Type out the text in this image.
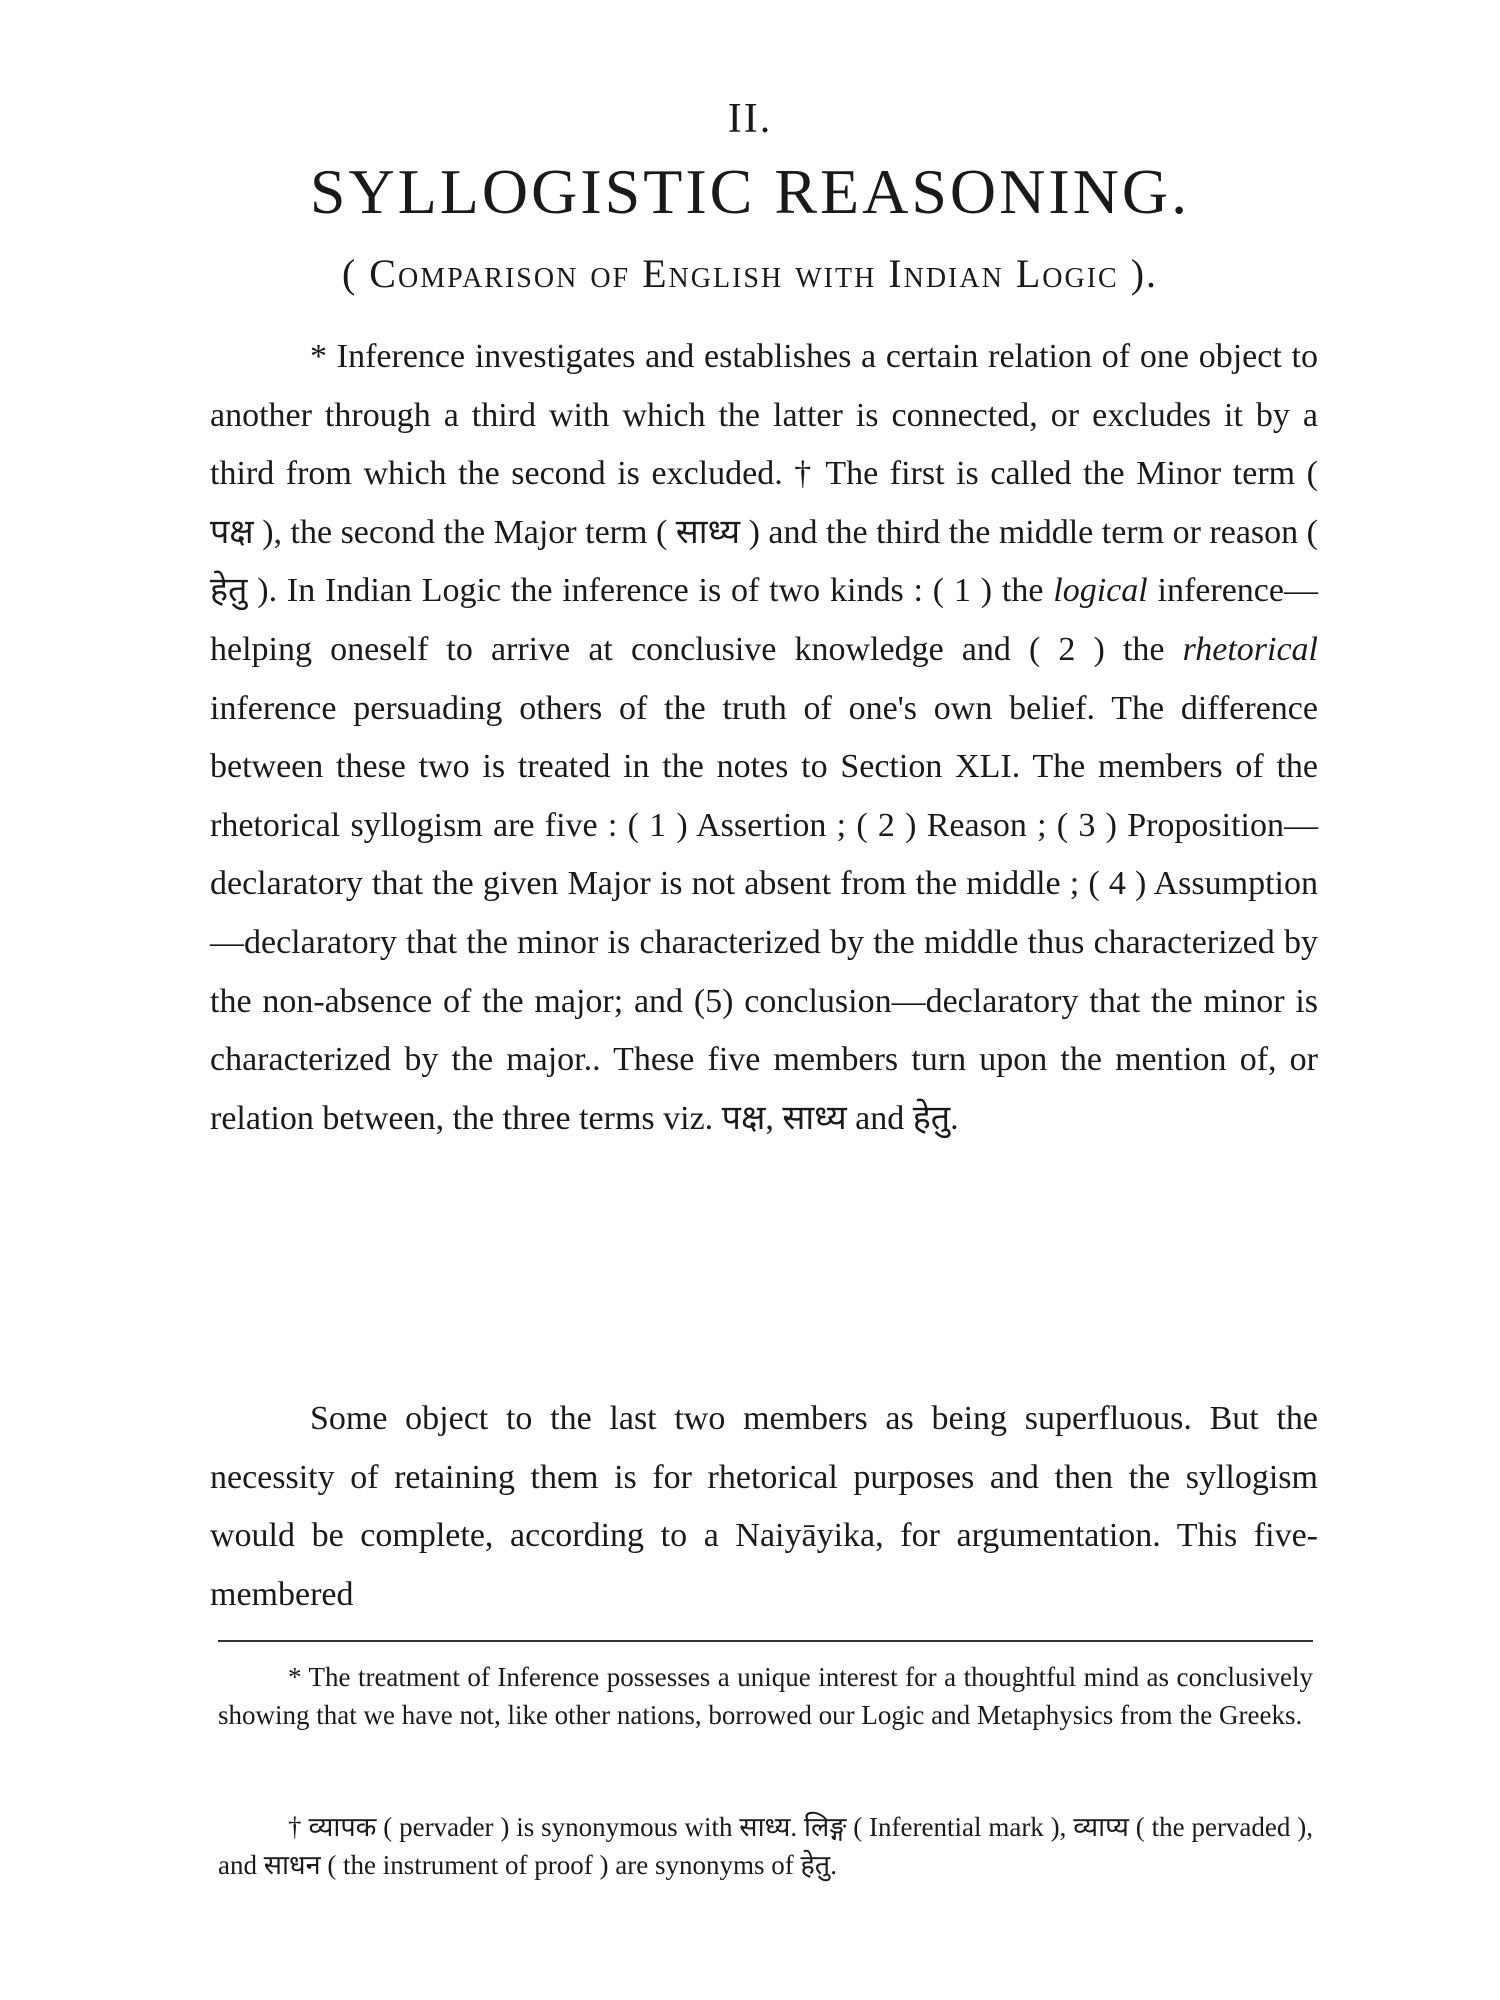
II.
SYLLOGISTIC REASONING.
( Comparison of English with Indian Logic ).

* Inference investigates and establishes a certain relation of one object to another through a third with which the latter is connected, or excludes it by a third from which the second is excluded. † The first is called the Minor term ( पक्ष ), the second the Major term ( साध्य ) and the third the middle term or reason ( हेतु ). In Indian Logic the inference is of two kinds : ( 1 ) the logical inference—helping oneself to arrive at conclusive knowledge and ( 2 ) the rhetorical inference persuading others of the truth of one's own belief. The difference between these two is treated in the notes to Section XLI. The members of the rhetorical syllogism are five : ( 1 ) Assertion ; ( 2 ) Reason ; ( 3 ) Proposition—declaratory that the given Major is not absent from the middle ; ( 4 ) Assumption—declaratory that the minor is characterized by the middle thus characterized by the non-absence of the major; and (5) conclusion—declaratory that the minor is characterized by the major.. These five members turn upon the mention of, or relation between, the three terms viz. पक्ष, साध्य and हेतु.

Some object to the last two members as being superfluous. But the necessity of retaining them is for rhetorical purposes and then the syllogism would be complete, according to a Naiyāyika, for argumentation. This five-membered

* The treatment of Inference possesses a unique interest for a thoughtful mind as conclusively showing that we have not, like other nations, borrowed our Logic and Metaphysics from the Greeks.

† व्यापक ( pervader ) is synonymous with साध्य. लिङ्ग ( Inferential mark ), व्याप्य ( the pervaded ), and साधन ( the instrument of proof ) are synonyms of हेतु.
